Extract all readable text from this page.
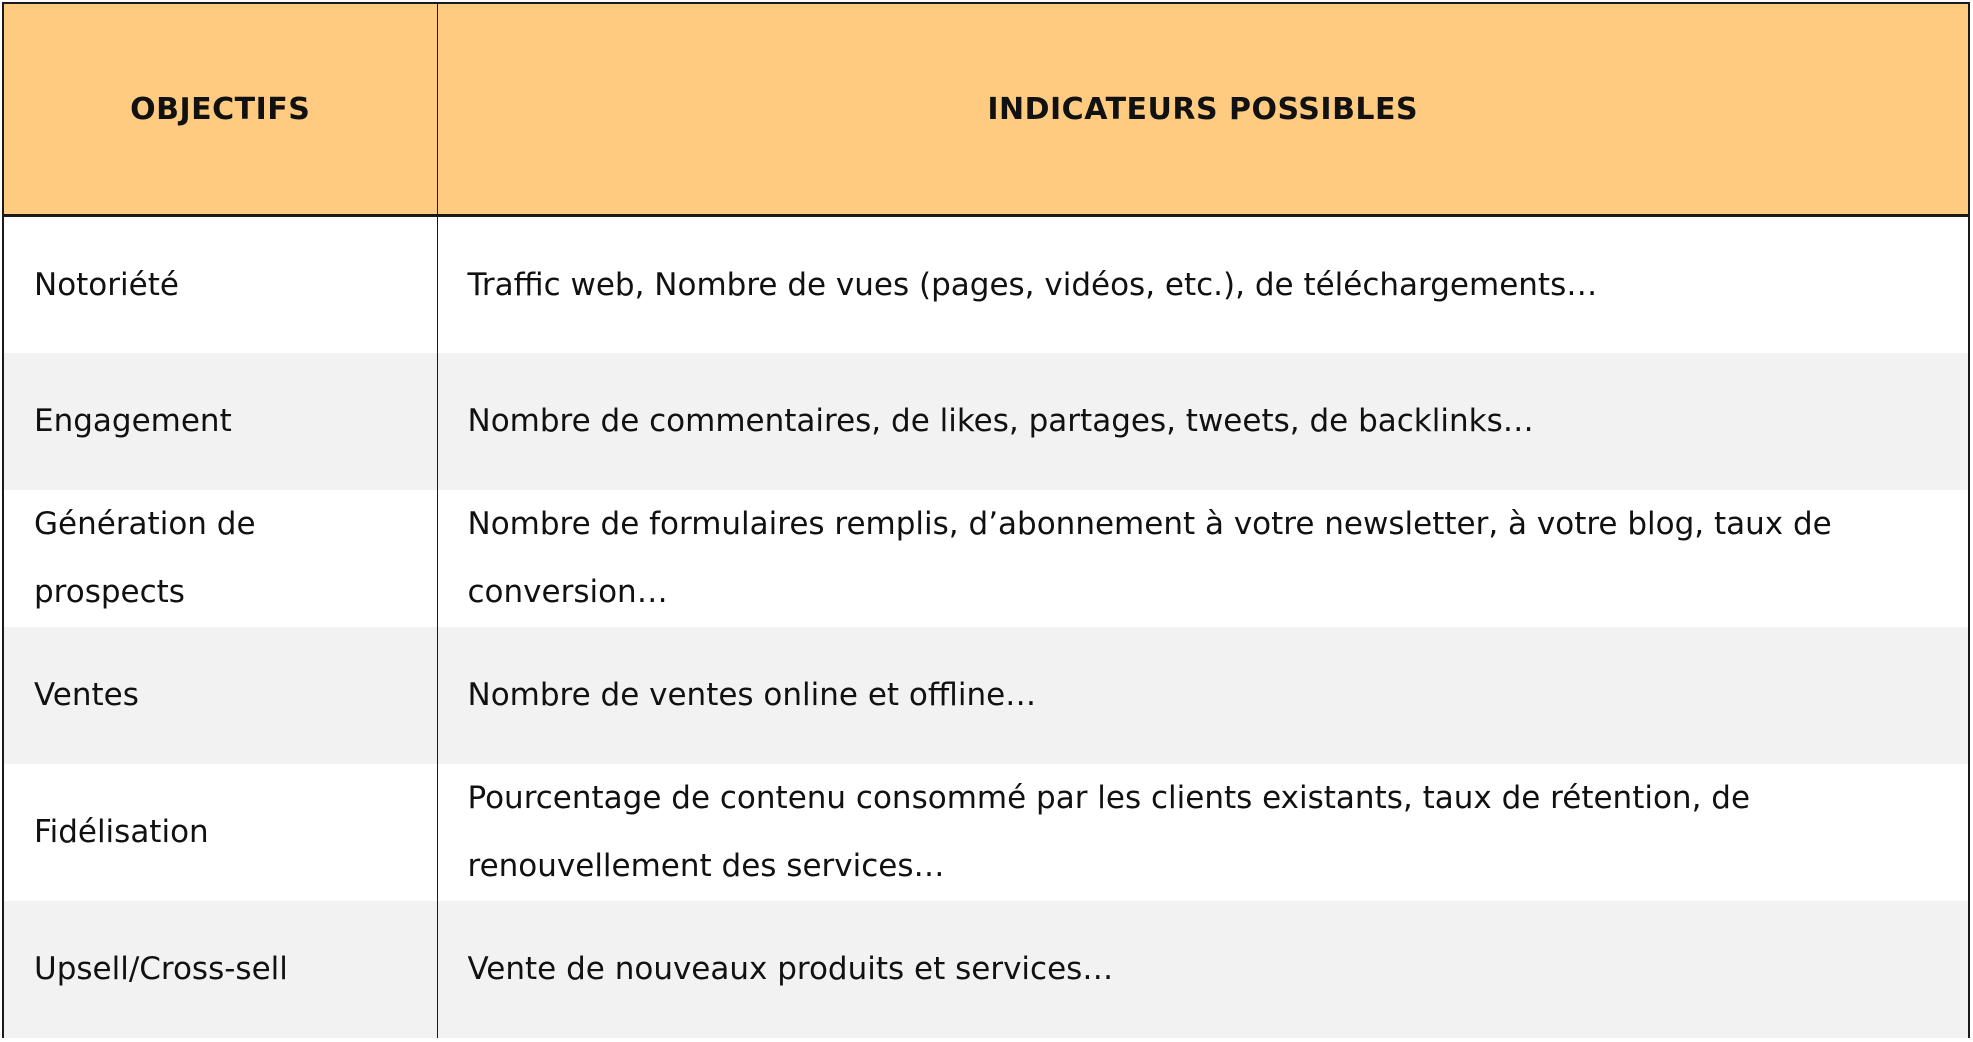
OBJECTIFS	INDICATEURS POSSIBLES
Notoriété	Traffic web, Nombre de vues (pages, vidéos, etc.), de téléchargements…
Engagement	Nombre de commentaires, de likes, partages, tweets, de backlinks…
Génération de prospects	Nombre de formulaires remplis, d’abonnement à votre newsletter, à votre blog, taux de conversion…
Ventes	Nombre de ventes online et offline…
Fidélisation	Pourcentage de contenu consommé par les clients existants, taux de rétention, de renouvellement des services…
Upsell/Cross-sell	Vente de nouveaux produits et services…
